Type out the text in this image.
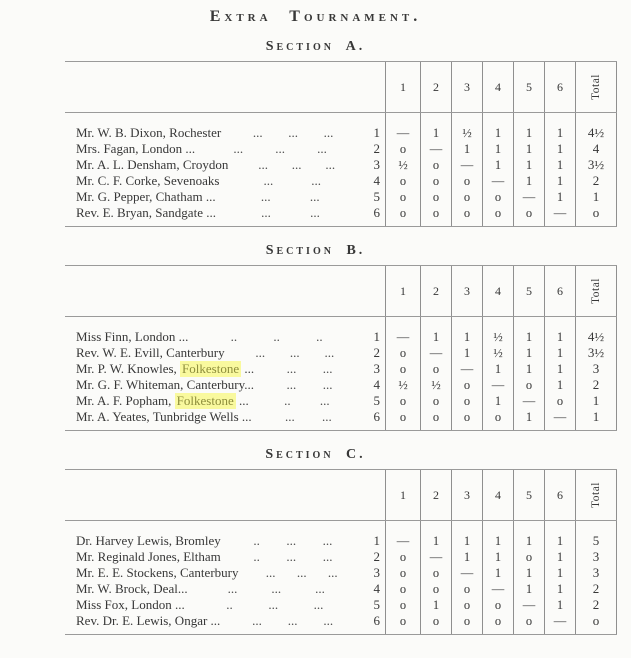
Extra Tournament.
Section A.
1	2	3	4	5	6	Total
Mr. W. B. Dixon, Rochester ... ... ...	1	—	1	½	1	1	1	4½
Mrs. Fagan, London ...	... ... ...	2	o	—	1	1	1	1	4
Mr. A. L. Densham, Croydon ... ... ...	3	½	o	—	1	1	1	3½
Mr. C. F. Corke, Sevenoaks	...	...	4	o	o	o	—	1	1	2
Mr. G. Pepper, Chatham ...	...	...	5	o	o	o	o	—	1	1
Rev. E. Bryan, Sandgate ...	...	...	6	o	o	o	o	o	—	o
Section B.
1	2	3	4	5	6	Total
Miss Finn, London ...	..	..	..	1	—	1	1	½	1	1	4½
Rev. W. E. Evill, Canterbury ... ... ...	2	o	—	1	½	1	1	3½
Mr. P. W. Knowles, Folkestone ... ... ...	3	o	o	—	1	1	1	3
Mr. G. F. Whiteman, Canterbury... ... ...	4	½	½	o	—	o	1	2
Mr. A. F. Popham, Folkestone ...	.. ...	5	o	o	o	1	—	o	1
Mr. A. Yeates, Tunbridge Wells ...	... ...	6	o	o	o	o	1	—	1
Section C.
1	2	3	4	5	6	Total
Dr. Harvey Lewis, Bromley	.. ... ...	1	—	1	1	1	1	1	5
Mr. Reginald Jones, Eltham	.. ... ...	2	o	—	1	1	o	1	3
Mr. E. E. Stockens, Canterbury ... ... ...	3	o	o	—	1	1	1	3
Mr. W. Brock, Deal...	...	...	...	4	o	o	o	—	1	1	2
Miss Fox, London ...	..	...	...	5	o	1	o	o	—	1	2
Rev. Dr. E. Lewis, Ongar ... ... ... ...	6	o	o	o	o	o	—	o
